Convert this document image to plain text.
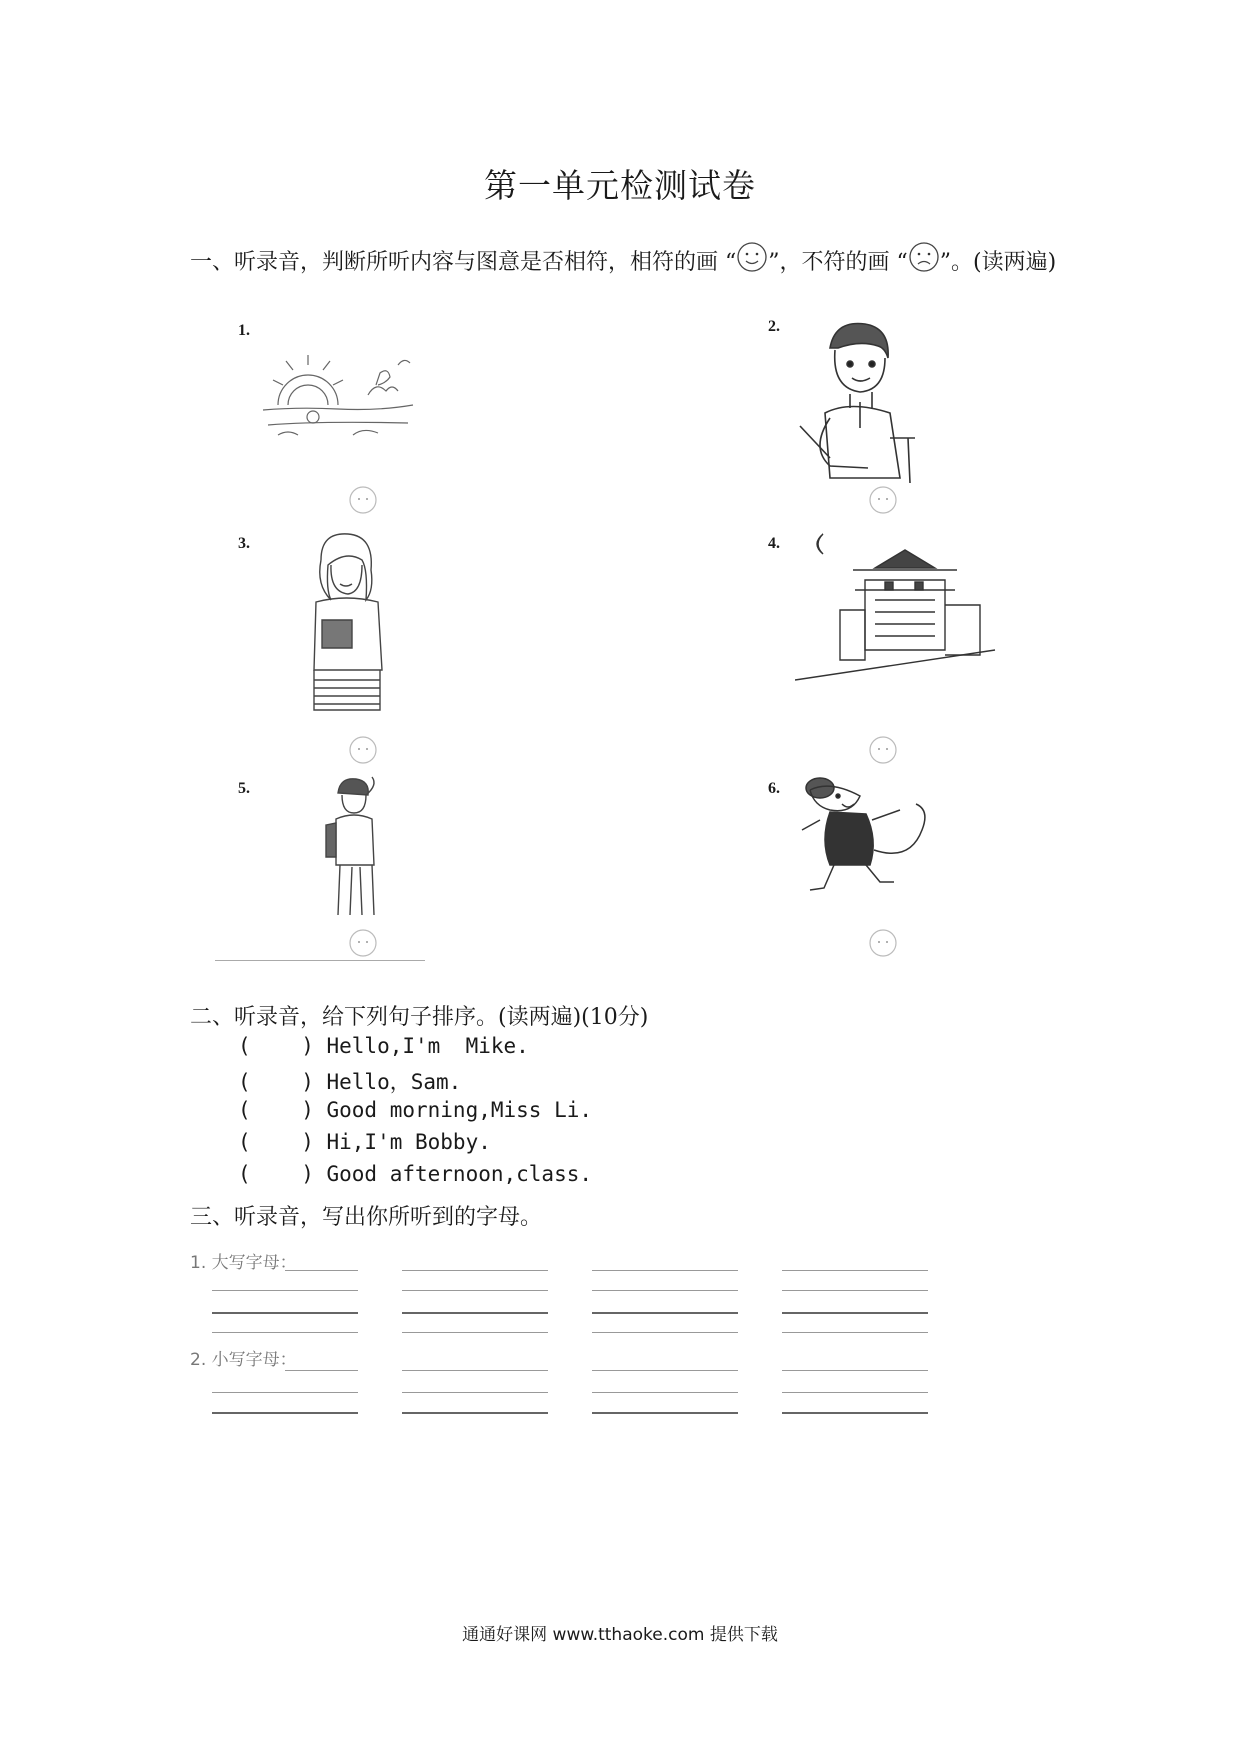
第一单元检测试卷
一、听录音，判断所听内容与图意是否相符，相符的画 “ ”，不符的画 “ ”。(读两遍)
1.	2.
3.	4.
5.	6.
二、听录音，给下列句子排序。(读两遍)(10分)
(    ) Hello,I'm  Mike.
(    ) Hello，Sam.
(    ) Good morning,Miss Li.
(    ) Hi,I'm Bobby.
(    ) Good afternoon,class.
三、听录音，写出你所听到的字母。
1. 大写字母：
2. 小写字母：
通通好课网 www.tthaoke.com 提供下载
